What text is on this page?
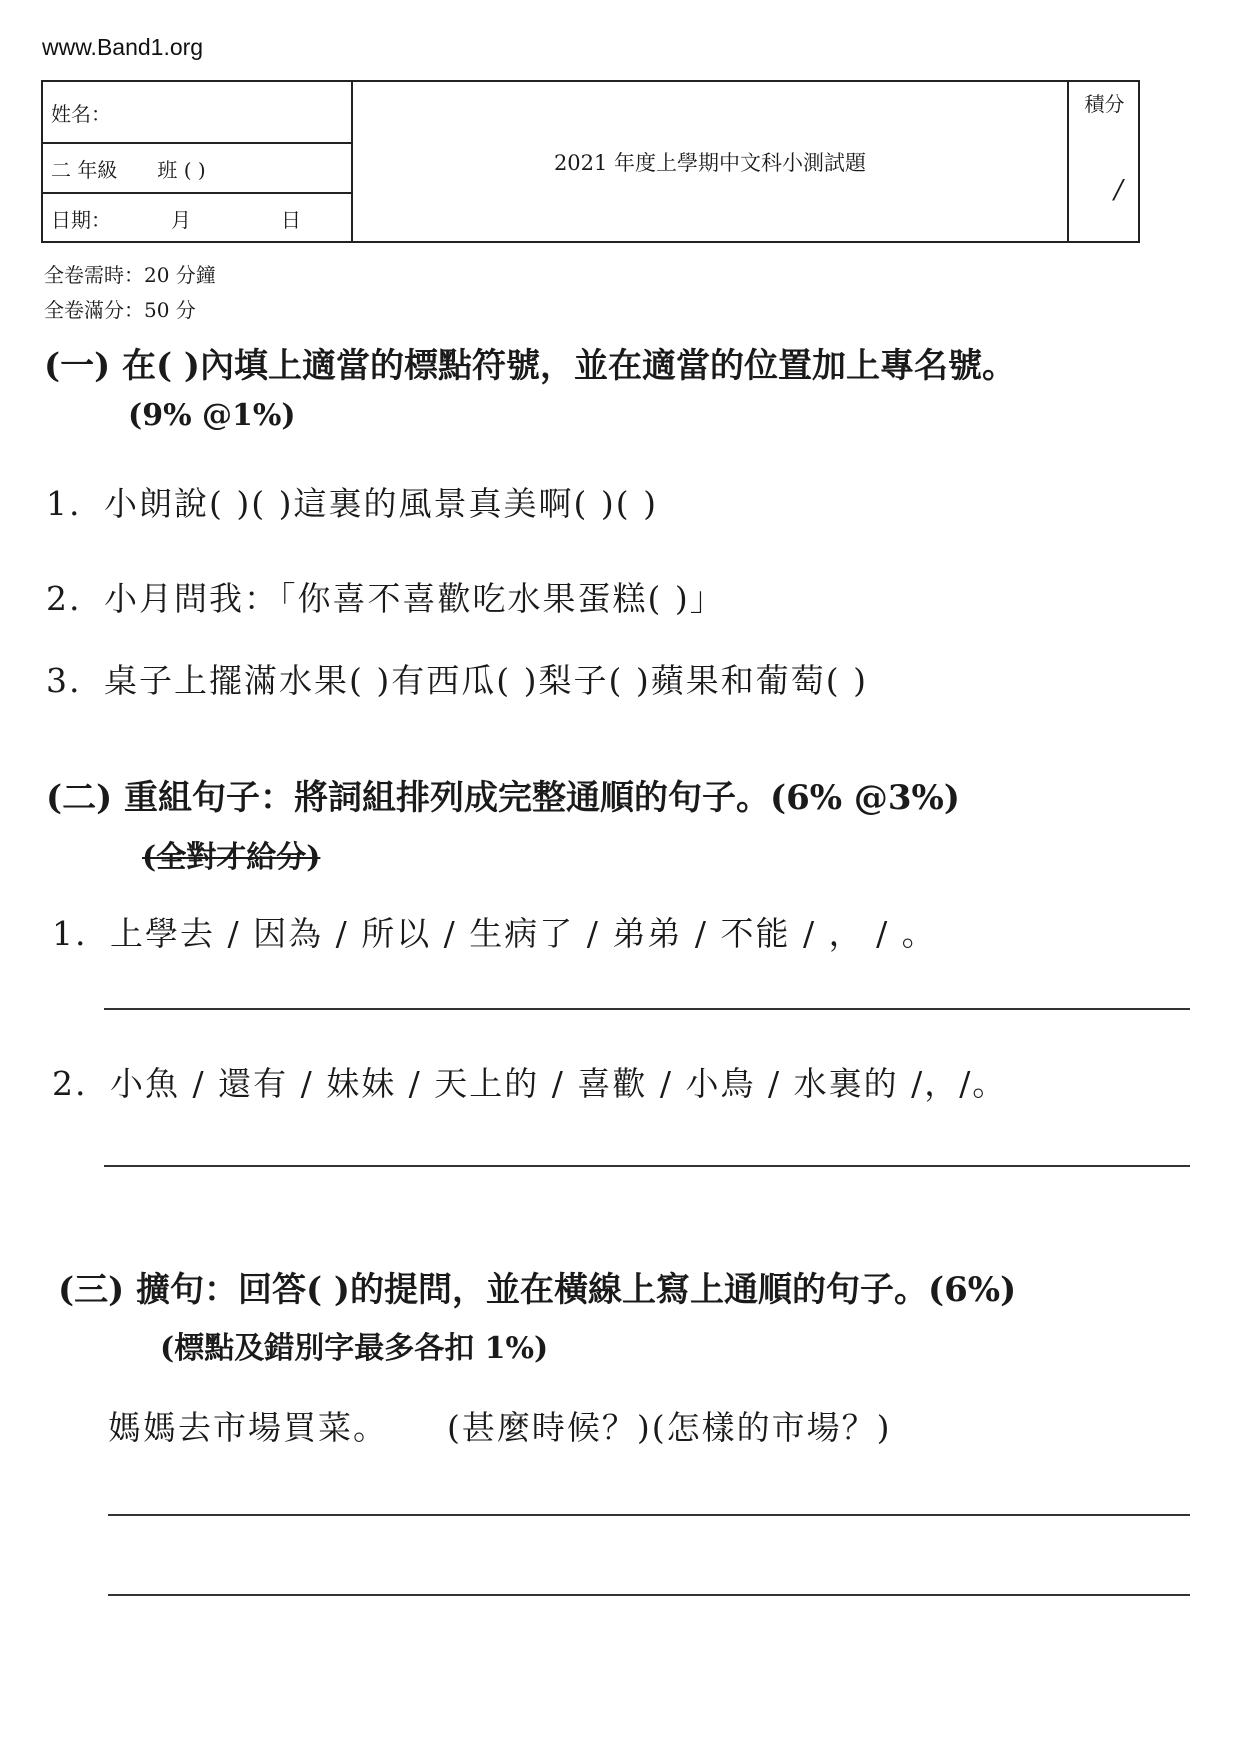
www.Band1.org
姓名：
二 年級 班 ( )
日期：	月	日
2021 年度上學期中文科小測試題
積分
/
全卷需時：20 分鐘
全卷滿分：50 分
(一) 在( )內填上適當的標點符號，並在適當的位置加上專名號。
(9% @1%)
1. 小朗說( )( )這裏的風景真美啊( )( )
2. 小月問我：「你喜不喜歡吃水果蛋糕( )」
3. 桌子上擺滿水果( )有西瓜( )梨子( )蘋果和葡萄( )
(二) 重組句子：將詞組排列成完整通順的句子。(6% @3%)
(全對才給分)
1. 上學去 / 因為 / 所以 / 生病了 / 弟弟 / 不能 / ， / 。
2. 小魚 / 還有 / 妹妹 / 天上的 / 喜歡 / 小鳥 / 水裏的 /，/。
(三) 擴句：回答( )的提問，並在橫線上寫上通順的句子。(6%)
(標點及錯別字最多各扣 1%)
媽媽去市場買菜。 (甚麼時候？)(怎樣的市場？)
